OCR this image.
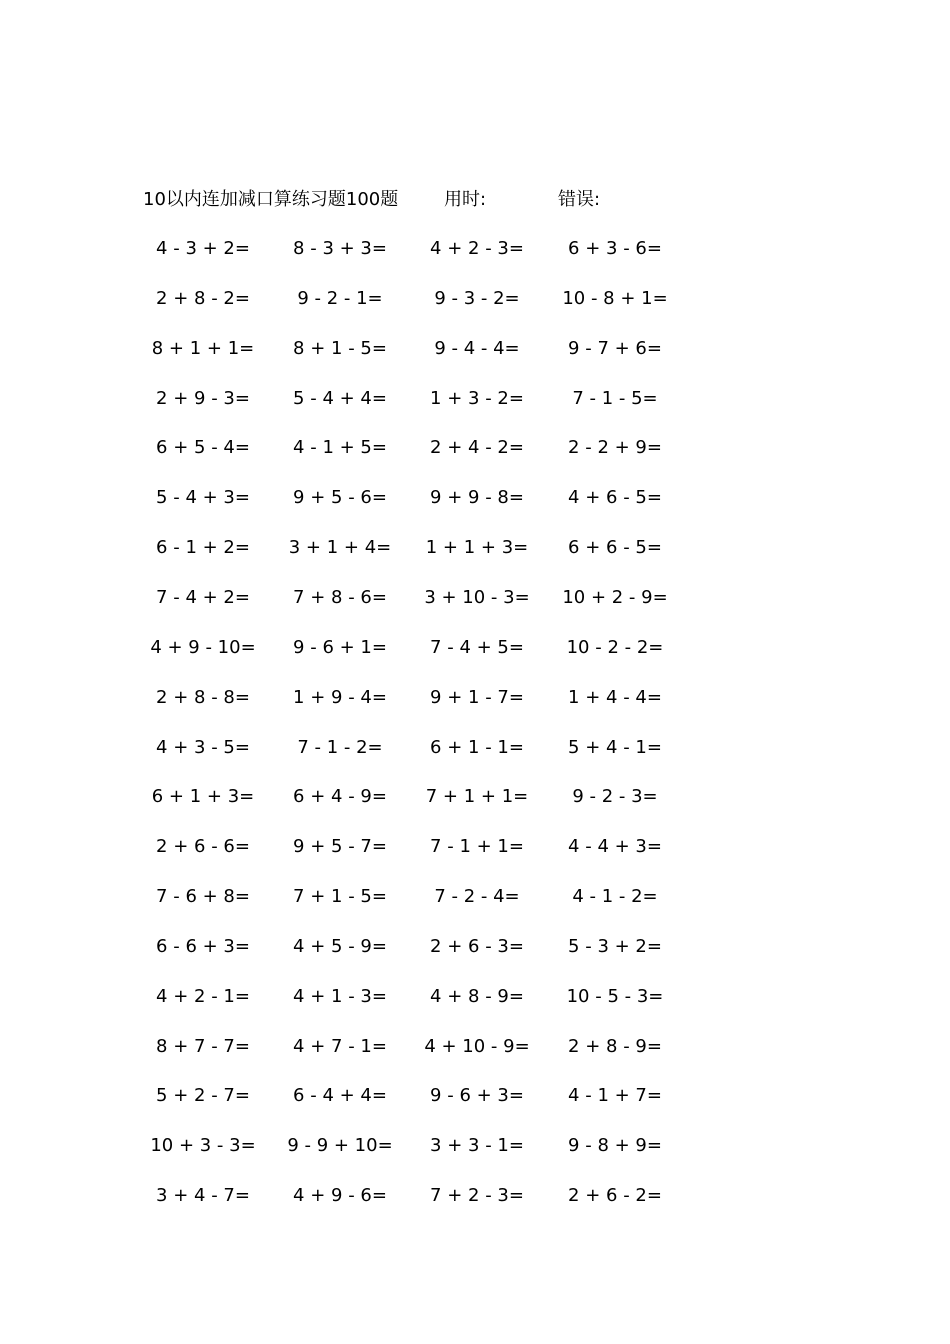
10以内连加减口算练习题100题	用时:	错误:
4 - 3 + 2=	8 - 3 + 3=	4 + 2 - 3=	6 + 3 - 6=
2 + 8 - 2=	9 - 2 - 1=	9 - 3 - 2=	10 - 8 + 1=
8 + 1 + 1=	8 + 1 - 5=	9 - 4 - 4=	9 - 7 + 6=
2 + 9 - 3=	5 - 4 + 4=	1 + 3 - 2=	7 - 1 - 5=
6 + 5 - 4=	4 - 1 + 5=	2 + 4 - 2=	2 - 2 + 9=
5 - 4 + 3=	9 + 5 - 6=	9 + 9 - 8=	4 + 6 - 5=
6 - 1 + 2=	3 + 1 + 4=	1 + 1 + 3=	6 + 6 - 5=
7 - 4 + 2=	7 + 8 - 6=	3 + 10 - 3=	10 + 2 - 9=
4 + 9 - 10=	9 - 6 + 1=	7 - 4 + 5=	10 - 2 - 2=
2 + 8 - 8=	1 + 9 - 4=	9 + 1 - 7=	1 + 4 - 4=
4 + 3 - 5=	7 - 1 - 2=	6 + 1 - 1=	5 + 4 - 1=
6 + 1 + 3=	6 + 4 - 9=	7 + 1 + 1=	9 - 2 - 3=
2 + 6 - 6=	9 + 5 - 7=	7 - 1 + 1=	4 - 4 + 3=
7 - 6 + 8=	7 + 1 - 5=	7 - 2 - 4=	4 - 1 - 2=
6 - 6 + 3=	4 + 5 - 9=	2 + 6 - 3=	5 - 3 + 2=
4 + 2 - 1=	4 + 1 - 3=	4 + 8 - 9=	10 - 5 - 3=
8 + 7 - 7=	4 + 7 - 1=	4 + 10 - 9=	2 + 8 - 9=
5 + 2 - 7=	6 - 4 + 4=	9 - 6 + 3=	4 - 1 + 7=
10 + 3 - 3=	9 - 9 + 10=	3 + 3 - 1=	9 - 8 + 9=
3 + 4 - 7=	4 + 9 - 6=	7 + 2 - 3=	2 + 6 - 2=
